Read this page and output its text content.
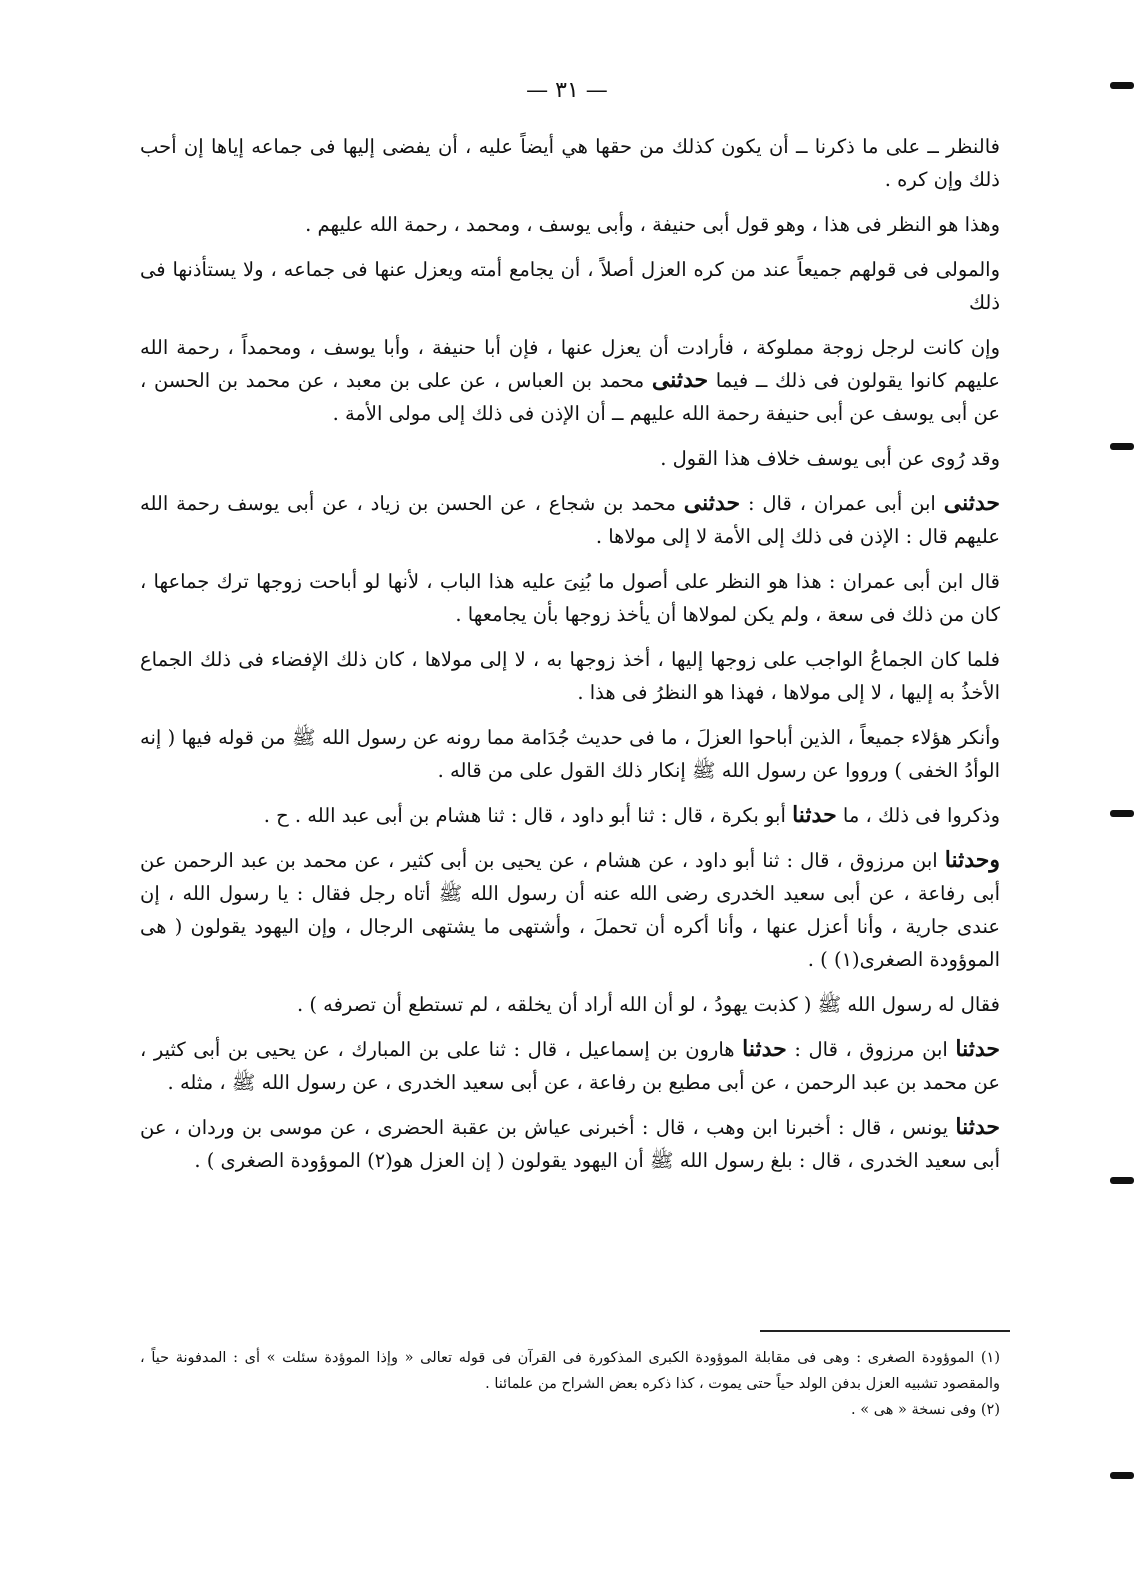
— ٣١ —

فالنظر ــ على ما ذكرنا ــ أن يكون كذلك من حقها هي أيضاً عليه ، أن يفضى إليها فى جماعه إياها إن أحب ذلك وإن كره .

وهذا هو النظر فى هذا ، وهو قول أبى حنيفة ، وأبى يوسف ، ومحمد ، رحمة الله عليهم .

والمولى فى قولهم جميعاً عند من كره العزل أصلاً ، أن يجامع أمته ويعزل عنها فى جماعه ، ولا يستأذنها فى ذلك

وإن كانت لرجل زوجة مملوكة ، فأرادت أن يعزل عنها ، فإن أبا حنيفة ، وأبا يوسف ، ومحمداً ، رحمة الله عليهم كانوا يقولون فى ذلك ــ فيما حدثنى محمد بن العباس ، عن على بن معبد ، عن محمد بن الحسن ، عن أبى يوسف عن أبى حنيفة رحمة الله عليهم ــ أن الإذن فى ذلك إلى مولى الأمة .

وقد رُوى عن أبى يوسف خلاف هذا القول .

حدثنى ابن أبى عمران ، قال : حدثنى محمد بن شجاع ، عن الحسن بن زياد ، عن أبى يوسف رحمة الله عليهم قال : الإذن فى ذلك إلى الأمة لا إلى مولاها .

قال ابن أبى عمران : هذا هو النظر على أصول ما بُنِىَ عليه هذا الباب ، لأنها لو أباحت زوجها ترك جماعها ، كان من ذلك فى سعة ، ولم يكن لمولاها أن يأخذ زوجها بأن يجامعها .

فلما كان الجماعُ الواجب على زوجها إليها ، أخذ زوجها به ، لا إلى مولاها ، كان ذلك الإفضاء فى ذلك الجماع الأخذُ به إليها ، لا إلى مولاها ، فهذا هو النظرُ فى هذا .

وأنكر هؤلاء جميعاً ، الذين أباحوا العزلَ ، ما فى حديث جُدَامة مما رونه عن رسول الله ﷺ من قوله فيها ( إنه الوأدُ الخفى ) ورووا عن رسول الله ﷺ إنكار ذلك القول على من قاله .

وذكروا فى ذلك ، ما حدثنا أبو بكرة ، قال : ثنا أبو داود ، قال : ثنا هشام بن أبى عبد الله . ح .

وحدثنا ابن مرزوق ، قال : ثنا أبو داود ، عن هشام ، عن يحيى بن أبى كثير ، عن محمد بن عبد الرحمن عن أبى رفاعة ، عن أبى سعيد الخدرى رضى الله عنه أن رسول الله ﷺ أتاه رجل فقال : يا رسول الله ، إن عندى جارية ، وأنا أعزل عنها ، وأنا أكره أن تحملَ ، وأشتهى ما يشتهى الرجال ، وإن اليهود يقولون ( هى الموؤودة الصغرى(١) ) .

فقال له رسول الله ﷺ ( كذبت يهودُ ، لو أن الله أراد أن يخلقه ، لم تستطع أن تصرفه ) .

حدثنا ابن مرزوق ، قال : حدثنا هارون بن إسماعيل ، قال : ثنا على بن المبارك ، عن يحيى بن أبى كثير ، عن محمد بن عبد الرحمن ، عن أبى مطيع بن رفاعة ، عن أبى سعيد الخدرى ، عن رسول الله ﷺ ، مثله .

حدثنا يونس ، قال : أخبرنا ابن وهب ، قال : أخبرنى عياش بن عقبة الحضرى ، عن موسى بن وردان ، عن أبى سعيد الخدرى ، قال : بلغ رسول الله ﷺ أن اليهود يقولون ( إن العزل هو(٢) الموؤودة الصغرى ) .

(١) الموؤودة الصغرى : وهى فى مقابلة الموؤودة الكبرى المذكورة فى القرآن فى قوله تعالى « وإذا الموؤدة سئلت » أى : المدفونة حياً ، والمقصود تشبيه العزل بدفن الولد حياً حتى يموت ، كذا ذكره بعض الشراح من علمائنا .

(٢) وفى نسخة « هى » .
